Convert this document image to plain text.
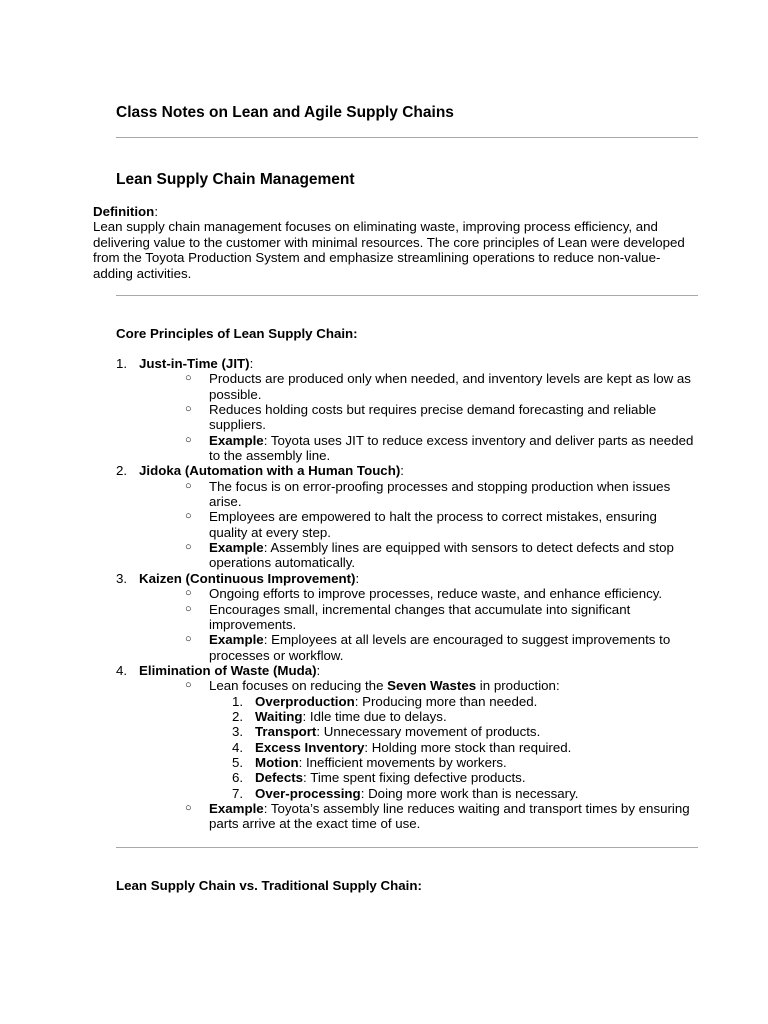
Class Notes on Lean and Agile Supply Chains
Lean Supply Chain Management
Definition:
Lean supply chain management focuses on eliminating waste, improving process efficiency, and delivering value to the customer with minimal resources. The core principles of Lean were developed from the Toyota Production System and emphasize streamlining operations to reduce non-value-adding activities.
Core Principles of Lean Supply Chain:
1. Just-in-Time (JIT):
○ Products are produced only when needed, and inventory levels are kept as low as possible.
○ Reduces holding costs but requires precise demand forecasting and reliable suppliers.
○ Example: Toyota uses JIT to reduce excess inventory and deliver parts as needed to the assembly line.
2. Jidoka (Automation with a Human Touch):
○ The focus is on error-proofing processes and stopping production when issues arise.
○ Employees are empowered to halt the process to correct mistakes, ensuring quality at every step.
○ Example: Assembly lines are equipped with sensors to detect defects and stop operations automatically.
3. Kaizen (Continuous Improvement):
○ Ongoing efforts to improve processes, reduce waste, and enhance efficiency.
○ Encourages small, incremental changes that accumulate into significant improvements.
○ Example: Employees at all levels are encouraged to suggest improvements to processes or workflow.
4. Elimination of Waste (Muda):
○ Lean focuses on reducing the Seven Wastes in production:
1. Overproduction: Producing more than needed.
2. Waiting: Idle time due to delays.
3. Transport: Unnecessary movement of products.
4. Excess Inventory: Holding more stock than required.
5. Motion: Inefficient movements by workers.
6. Defects: Time spent fixing defective products.
7. Over-processing: Doing more work than is necessary.
○ Example: Toyota’s assembly line reduces waiting and transport times by ensuring parts arrive at the exact time of use.
Lean Supply Chain vs. Traditional Supply Chain:
